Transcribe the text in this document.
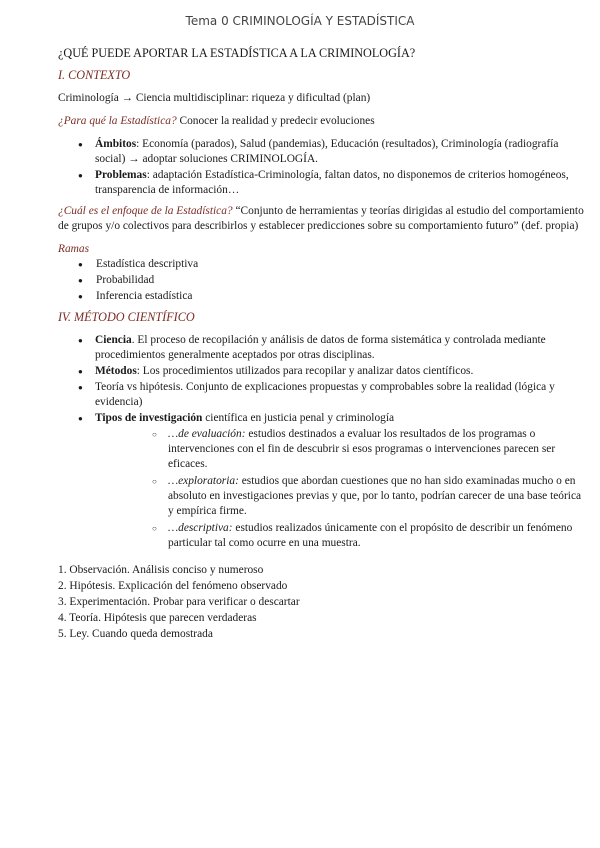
Tema 0 CRIMINOLOGÍA Y ESTADÍSTICA

¿QUÉ PUEDE APORTAR LA ESTADÍSTICA A LA CRIMINOLOGÍA?

I. CONTEXTO

Criminología → Ciencia multidisciplinar: riqueza y dificultad (plan)

¿Para qué la Estadística? Conocer la realidad y predecir evoluciones

● Ámbitos: Economía (parados), Salud (pandemias), Educación (resultados), Criminología (radiografía social) → adoptar soluciones CRIMINOLOGÍA.
● Problemas: adaptación Estadística-Criminología, faltan datos, no disponemos de criterios homogéneos, transparencia de información…

¿Cuál es el enfoque de la Estadística? “Conjunto de herramientas y teorías dirigidas al estudio del comportamiento de grupos y/o colectivos para describirlos y establecer predicciones sobre su comportamiento futuro” (def. propia)

Ramas

● Estadística descriptiva
● Probabilidad
● Inferencia estadística

IV. MÉTODO CIENTÍFICO

● Ciencia. El proceso de recopilación y análisis de datos de forma sistemática y controlada mediante procedimientos generalmente aceptados por otras disciplinas.
● Métodos: Los procedimientos utilizados para recopilar y analizar datos científicos.
● Teoría vs hipótesis. Conjunto de explicaciones propuestas y comprobables sobre la realidad (lógica y evidencia)
● Tipos de investigación científica en justicia penal y criminología
○ …de evaluación: estudios destinados a evaluar los resultados de los programas o intervenciones con el fin de descubrir si esos programas o intervenciones parecen ser eficaces.
○ …exploratoria: estudios que abordan cuestiones que no han sido examinadas mucho o en absoluto en investigaciones previas y que, por lo tanto, podrían carecer de una base teórica y empírica firme.
○ …descriptiva: estudios realizados únicamente con el propósito de describir un fenómeno particular tal como ocurre en una muestra.
1. Observación. Análisis conciso y numeroso
2. Hipótesis. Explicación del fenómeno observado
3. Experimentación. Probar para verificar o descartar
4. Teoría. Hipótesis que parecen verdaderas
5. Ley. Cuando queda demostrada
